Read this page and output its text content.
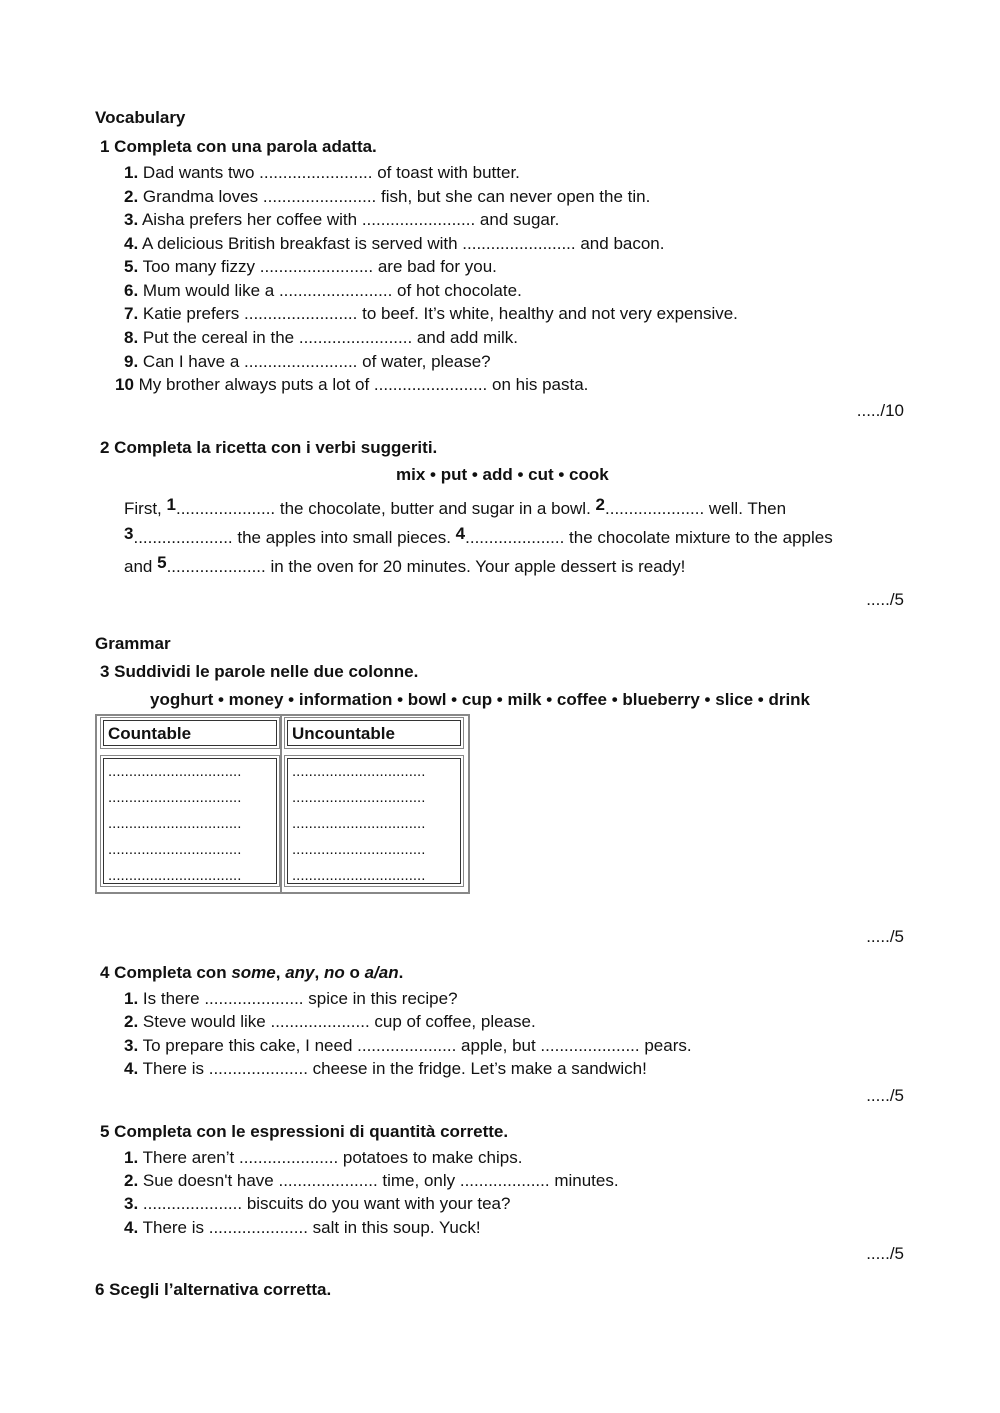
Vocabulary
1 Completa con una parola adatta.
1. Dad wants two ........................ of toast with butter.
2. Grandma loves ........................ fish, but she can never open the tin.
3. Aisha prefers her coffee with ........................ and sugar.
4. A delicious British breakfast is served with ........................ and bacon.
5. Too many fizzy ........................ are bad for you.
6. Mum would like a ........................ of hot chocolate.
7. Katie prefers ........................ to beef. It’s white, healthy and not very expensive.
8. Put the cereal in the ........................ and add milk.
9. Can I have a ........................ of water, please?
10 My brother always puts a lot of ........................ on his pasta.
...../10
2 Completa la ricetta con i verbi suggeriti.
mix • put • add • cut • cook
First, $^1$..................... the chocolate, butter and sugar in a bowl. $^2$..................... well. Then
$^3$..................... the apples into small pieces. $^4$..................... the chocolate mixture to the apples
and $^5$..................... in the oven for 20 minutes. Your apple dessert is ready!
...../5
Grammar
3 Suddividi le parole nelle due colonne.
yoghurt • money • information • bowl • cup • milk • coffee • blueberry • slice • drink
Countable	Uncountable
................................
................................
................................
................................
................................
................................
................................
................................
................................
................................
...../5
4 Completa con some, any, no o a/an.
1. Is there ..................... spice in this recipe?
2. Steve would like ..................... cup of coffee, please.
3. To prepare this cake, I need ..................... apple, but ..................... pears.
4. There is ..................... cheese in the fridge. Let’s make a sandwich!
...../5
5 Completa con le espressioni di quantità corrette.
1. There aren’t ..................... potatoes to make chips.
2. Sue doesn't have ..................... time, only ................... minutes.
3. ..................... biscuits do you want with your tea?
4. There is ..................... salt in this soup. Yuck!
...../5
6 Scegli l’alternativa corretta.
